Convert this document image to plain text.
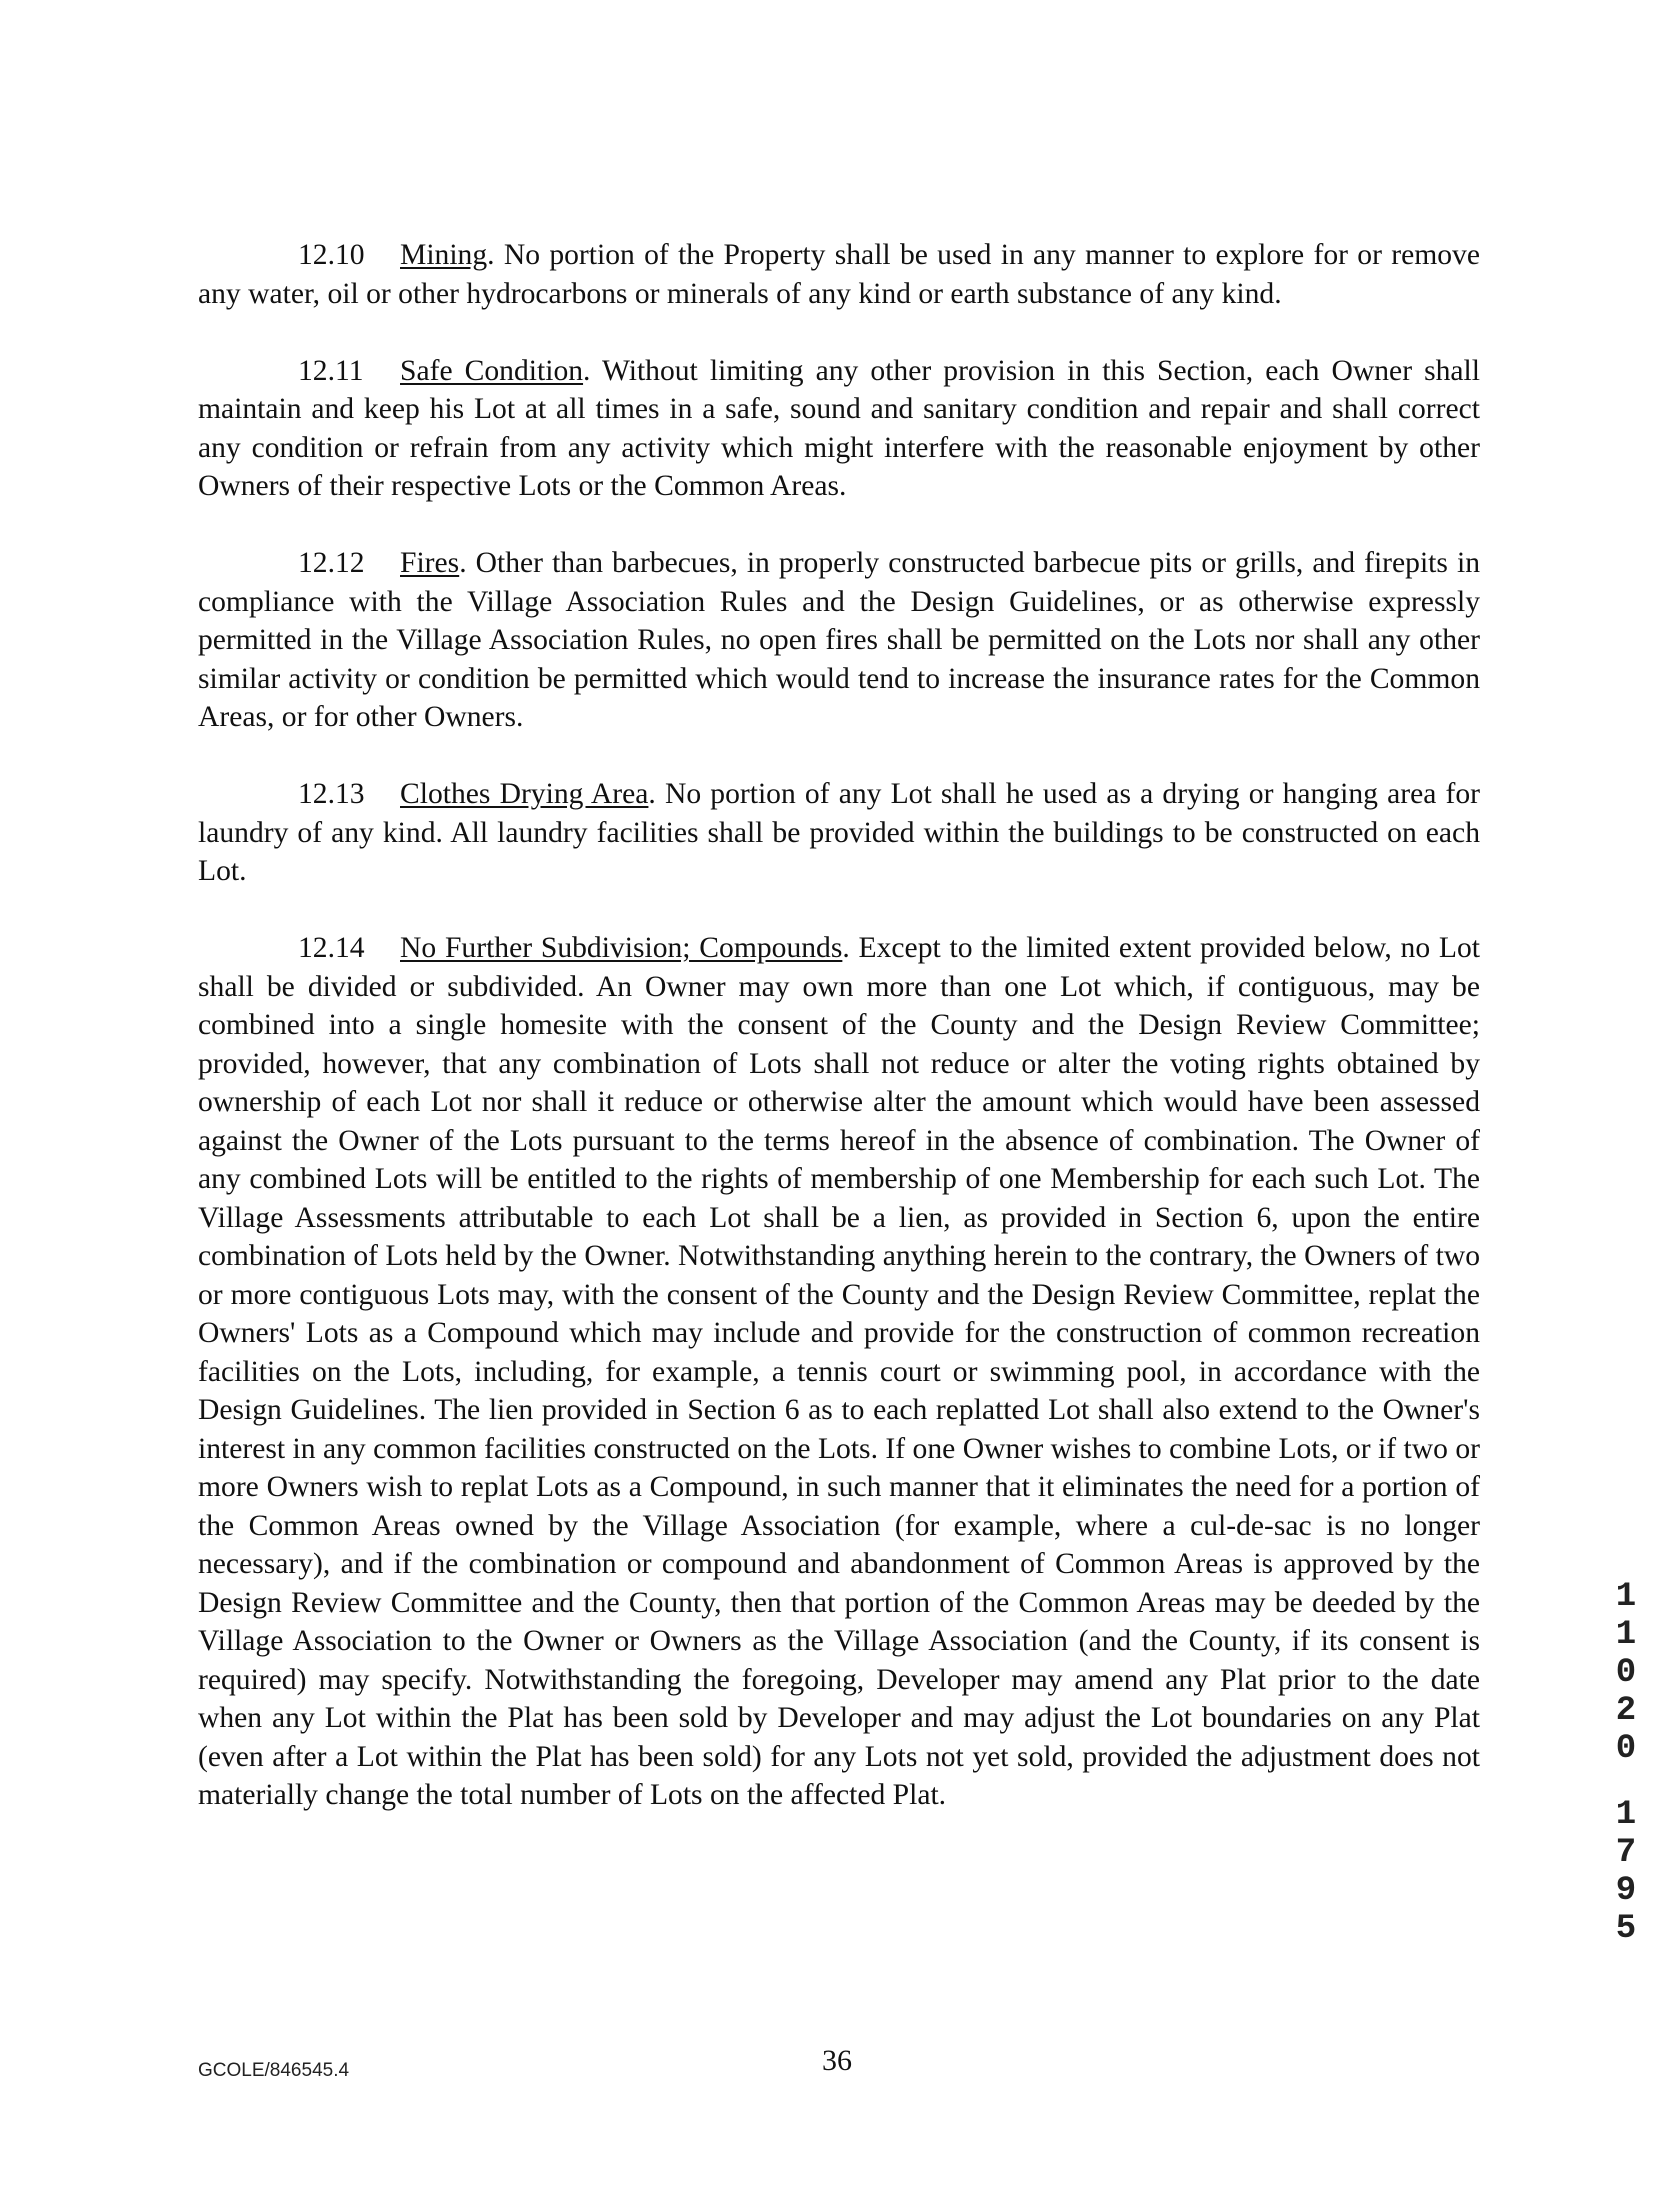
12.10 Mining. No portion of the Property shall be used in any manner to explore for or remove any water, oil or other hydrocarbons or minerals of any kind or earth substance of any kind.

12.11 Safe Condition. Without limiting any other provision in this Section, each Owner shall maintain and keep his Lot at all times in a safe, sound and sanitary condition and repair and shall correct any condition or refrain from any activity which might interfere with the reasonable enjoyment by other Owners of their respective Lots or the Common Areas.

12.12 Fires. Other than barbecues, in properly constructed barbecue pits or grills, and firepits in compliance with the Village Association Rules and the Design Guidelines, or as otherwise expressly permitted in the Village Association Rules, no open fires shall be permitted on the Lots nor shall any other similar activity or condition be permitted which would tend to increase the insurance rates for the Common Areas, or for other Owners.

12.13 Clothes Drying Area. No portion of any Lot shall he used as a drying or hanging area for laundry of any kind. All laundry facilities shall be provided within the buildings to be constructed on each Lot.

12.14 No Further Subdivision; Compounds. Except to the limited extent provided below, no Lot shall be divided or subdivided. An Owner may own more than one Lot which, if contiguous, may be combined into a single homesite with the consent of the County and the Design Review Committee; provided, however, that any combination of Lots shall not reduce or alter the voting rights obtained by ownership of each Lot nor shall it reduce or otherwise alter the amount which would have been assessed against the Owner of the Lots pursuant to the terms hereof in the absence of combination. The Owner of any combined Lots will be entitled to the rights of membership of one Membership for each such Lot. The Village Assessments attributable to each Lot shall be a lien, as provided in Section 6, upon the entire combination of Lots held by the Owner. Notwithstanding anything herein to the contrary, the Owners of two or more contiguous Lots may, with the consent of the County and the Design Review Committee, replat the Owners' Lots as a Compound which may include and provide for the construction of common recreation facilities on the Lots, including, for example, a tennis court or swimming pool, in accordance with the Design Guidelines. The lien provided in Section 6 as to each replatted Lot shall also extend to the Owner's interest in any common facilities constructed on the Lots. If one Owner wishes to combine Lots, or if two or more Owners wish to replat Lots as a Compound, in such manner that it eliminates the need for a portion of the Common Areas owned by the Village Association (for example, where a cul-de-sac is no longer necessary), and if the combination or compound and abandonment of Common Areas is approved by the Design Review Committee and the County, then that portion of the Common Areas may be deeded by the Village Association to the Owner or Owners as the Village Association (and the County, if its consent is required) may specify. Notwithstanding the foregoing, Developer may amend any Plat prior to the date when any Lot within the Plat has been sold by Developer and may adjust the Lot boundaries on any Plat (even after a Lot within the Plat has been sold) for any Lots not yet sold, provided the adjustment does not materially change the total number of Lots on the affected Plat.

1
1
0
2
0
1
7
9
5
GCOLE/846545.4	36
